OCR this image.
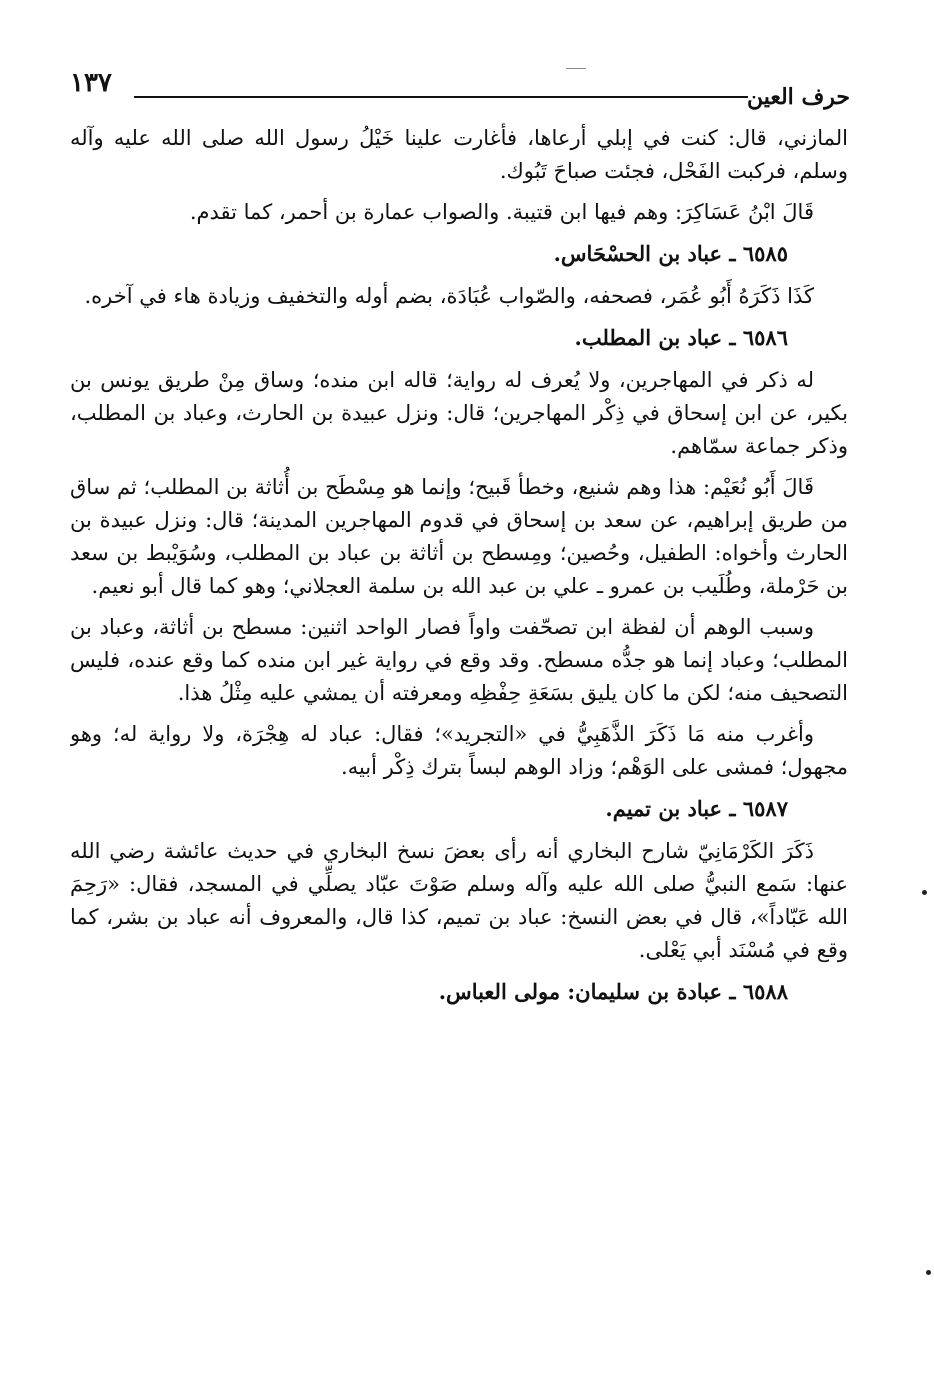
١٣٧	حرف العين

المازني، قال: كنت في إبلي أرعاها، فأغارت علينا خَيْلُ رسول الله صلى الله عليه وآله وسلم، فركبت الفَحْل، فجئت صباحَ تَبُوك.

قَالَ ابْنُ عَسَاكِرَ: وهم فيها ابن قتيبة. والصواب عمارة بن أحمر، كما تقدم.

٦٥٨٥ ـ عباد بن الحسْحَاس.

كَذَا ذَكَرَهُ أَبُو عُمَر، فصحفه، والصّواب عُبَادَة، بضم أوله والتخفيف وزيادة هاء في آخره.

٦٥٨٦ ـ عباد بن المطلب.

له ذكر في المهاجرين، ولا يُعرف له رواية؛ قاله ابن منده؛ وساق مِنْ طريق يونس بن بكير، عن ابن إسحاق في ذِكْر المهاجرين؛ قال: ونزل عبيدة بن الحارث، وعباد بن المطلب، وذكر جماعة سمّاهم.

قَالَ أَبُو نُعَيْم: هذا وهم شنيع، وخطأ قَبيح؛ وإنما هو مِسْطَح بن أُثاثة بن المطلب؛ ثم ساق من طريق إبراهيم، عن سعد بن إسحاق في قدوم المهاجرين المدينة؛ قال: ونزل عبيدة بن الحارث وأخواه: الطفيل، وحُصين؛ ومِسطح بن أثاثة بن عباد بن المطلب، وسُوَيْبط بن سعد بن حَرْملة، وطُلَيب بن عمرو ـ علي بن عبد الله بن سلمة العجلاني؛ وهو كما قال أبو نعيم.

وسبب الوهم أن لفظة ابن تصحّفت واواً فصار الواحد اثنين: مسطح بن أثاثة، وعباد بن المطلب؛ وعباد إنما هو جدُّه مسطح. وقد وقع في رواية غير ابن منده كما وقع عنده، فليس التصحيف منه؛ لكن ما كان يليق بسَعَةِ حِفْظِه ومعرفته أن يمشي عليه مِثْلُ هذا.

وأغرب منه مَا ذَكَرَ الذَّهَبِيُّ في «التجريد»؛ فقال: عباد له هِجْرَة، ولا رواية له؛ وهو مجهول؛ فمشى على الوَهْم؛ وزاد الوهم لبساً بترك ذِكْر أبيه.

٦٥٨٧ ـ عباد بن تميم.

ذَكَرَ الكَرْمَانِيّ شارح البخاري أنه رأى بعضَ نسخ البخاري في حديث عائشة رضي الله عنها: سَمع النبيُّ صلى الله عليه وآله وسلم صَوْتَ عبّاد يصلِّي في المسجد، فقال: «رَحِمَ الله عَبّاداً»، قال في بعض النسخ: عباد بن تميم، كذا قال، والمعروف أنه عباد بن بشر، كما وقع في مُسْنَد أبي يَعْلى.

٦٥٨٨ ـ عبادة بن سليمان: مولى العباس.
